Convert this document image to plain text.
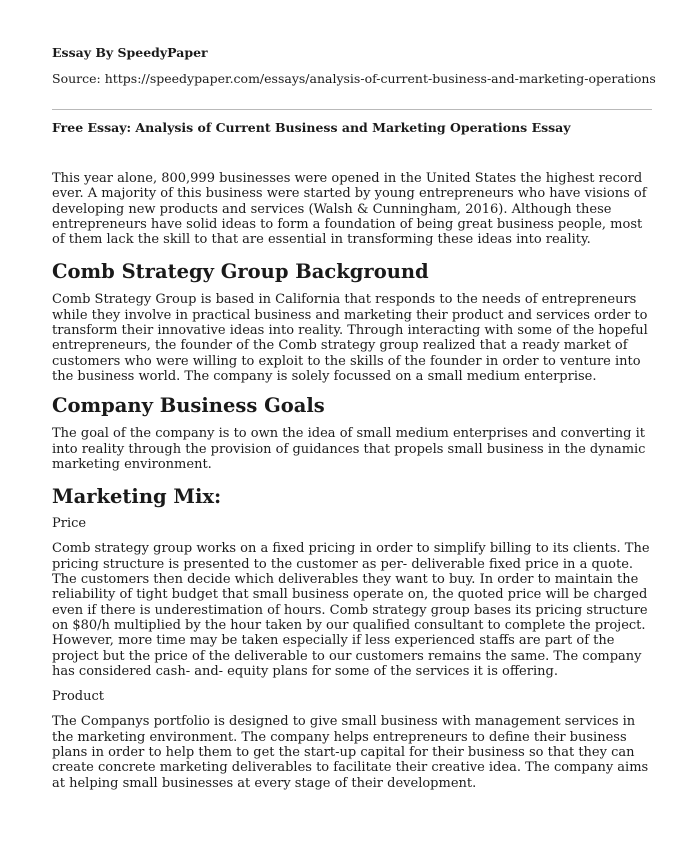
Essay By SpeedyPaper
Source: https://speedypaper.com/essays/analysis-of-current-business-and-marketing-operations
Free Essay: Analysis of Current Business and Marketing Operations Essay

This year alone, 800,999 businesses were opened in the United States the highest record ever. A majority of this business were started by young entrepreneurs who have visions of developing new products and services (Walsh & Cunningham, 2016). Although these entrepreneurs have solid ideas to form a foundation of being great business people, most of them lack the skill to that are essential in transforming these ideas into reality.

Comb Strategy Group Background

Comb Strategy Group is based in California that responds to the needs of entrepreneurs while they involve in practical business and marketing their product and services order to transform their innovative ideas into reality. Through interacting with some of the hopeful entrepreneurs, the founder of the Comb strategy group realized that a ready market of customers who were willing to exploit to the skills of the founder in order to venture into the business world. The company is solely focussed on a small medium enterprise.

Company Business Goals

The goal of the company is to own the idea of small medium enterprises and converting it into reality through the provision of guidances that propels small business in the dynamic marketing environment.

Marketing Mix:

Price

Comb strategy group works on a fixed pricing in order to simplify billing to its clients. The pricing structure is presented to the customer as per- deliverable fixed price in a quote. The customers then decide which deliverables they want to buy. In order to maintain the reliability of tight budget that small business operate on, the quoted price will be charged even if there is underestimation of hours. Comb strategy group bases its pricing structure on $80/h multiplied by the hour taken by our qualified consultant to complete the project. However, more time may be taken especially if less experienced staffs are part of the project but the price of the deliverable to our customers remains the same. The company has considered cash- and- equity plans for some of the services it is offering.

Product

The Companys portfolio is designed to give small business with management services in the marketing environment. The company helps entrepreneurs to define their business plans in order to help them to get the start-up capital for their business so that they can create concrete marketing deliverables to facilitate their creative idea. The company aims at helping small businesses at every stage of their development.
